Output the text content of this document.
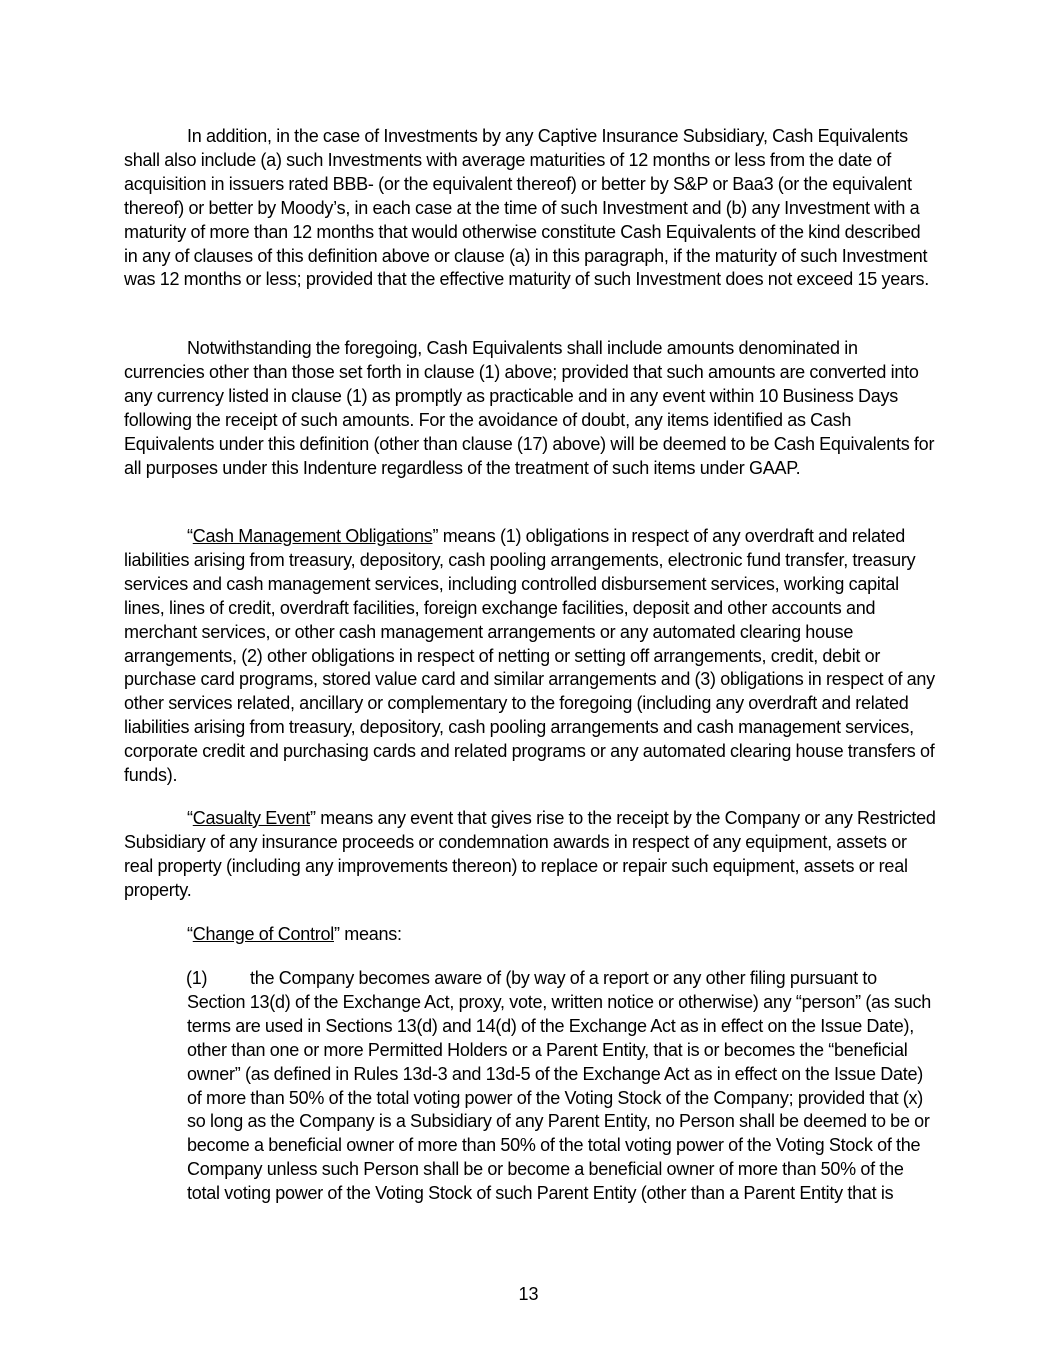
In addition, in the case of Investments by any Captive Insurance Subsidiary, Cash Equivalents shall also include (a) such Investments with average maturities of 12 months or less from the date of acquisition in issuers rated BBB- (or the equivalent thereof) or better by S&P or Baa3 (or the equivalent thereof) or better by Moody’s, in each case at the time of such Investment and (b) any Investment with a maturity of more than 12 months that would otherwise constitute Cash Equivalents of the kind described in any of clauses of this definition above or clause (a) in this paragraph, if the maturity of such Investment was 12 months or less; provided that the effective maturity of such Investment does not exceed 15 years.

Notwithstanding the foregoing, Cash Equivalents shall include amounts denominated in currencies other than those set forth in clause (1) above; provided that such amounts are converted into any currency listed in clause (1) as promptly as practicable and in any event within 10 Business Days following the receipt of such amounts. For the avoidance of doubt, any items identified as Cash Equivalents under this definition (other than clause (17) above) will be deemed to be Cash Equivalents for all purposes under this Indenture regardless of the treatment of such items under GAAP.

“Cash Management Obligations” means (1) obligations in respect of any overdraft and related liabilities arising from treasury, depository, cash pooling arrangements, electronic fund transfer, treasury services and cash management services, including controlled disbursement services, working capital lines, lines of credit, overdraft facilities, foreign exchange facilities, deposit and other accounts and merchant services, or other cash management arrangements or any automated clearing house arrangements, (2) other obligations in respect of netting or setting off arrangements, credit, debit or purchase card programs, stored value card and similar arrangements and (3) obligations in respect of any other services related, ancillary or complementary to the foregoing (including any overdraft and related liabilities arising from treasury, depository, cash pooling arrangements and cash management services, corporate credit and purchasing cards and related programs or any automated clearing house transfers of funds).

“Casualty Event” means any event that gives rise to the receipt by the Company or any Restricted Subsidiary of any insurance proceeds or condemnation awards in respect of any equipment, assets or real property (including any improvements thereon) to replace or repair such equipment, assets or real property.

“Change of Control” means:

(1) the Company becomes aware of (by way of a report or any other filing pursuant to Section 13(d) of the Exchange Act, proxy, vote, written notice or otherwise) any “person” (as such terms are used in Sections 13(d) and 14(d) of the Exchange Act as in effect on the Issue Date), other than one or more Permitted Holders or a Parent Entity, that is or becomes the “beneficial owner” (as defined in Rules 13d-3 and 13d-5 of the Exchange Act as in effect on the Issue Date) of more than 50% of the total voting power of the Voting Stock of the Company; provided that (x) so long as the Company is a Subsidiary of any Parent Entity, no Person shall be deemed to be or become a beneficial owner of more than 50% of the total voting power of the Voting Stock of the Company unless such Person shall be or become a beneficial owner of more than 50% of the total voting power of the Voting Stock of such Parent Entity (other than a Parent Entity that is

13
